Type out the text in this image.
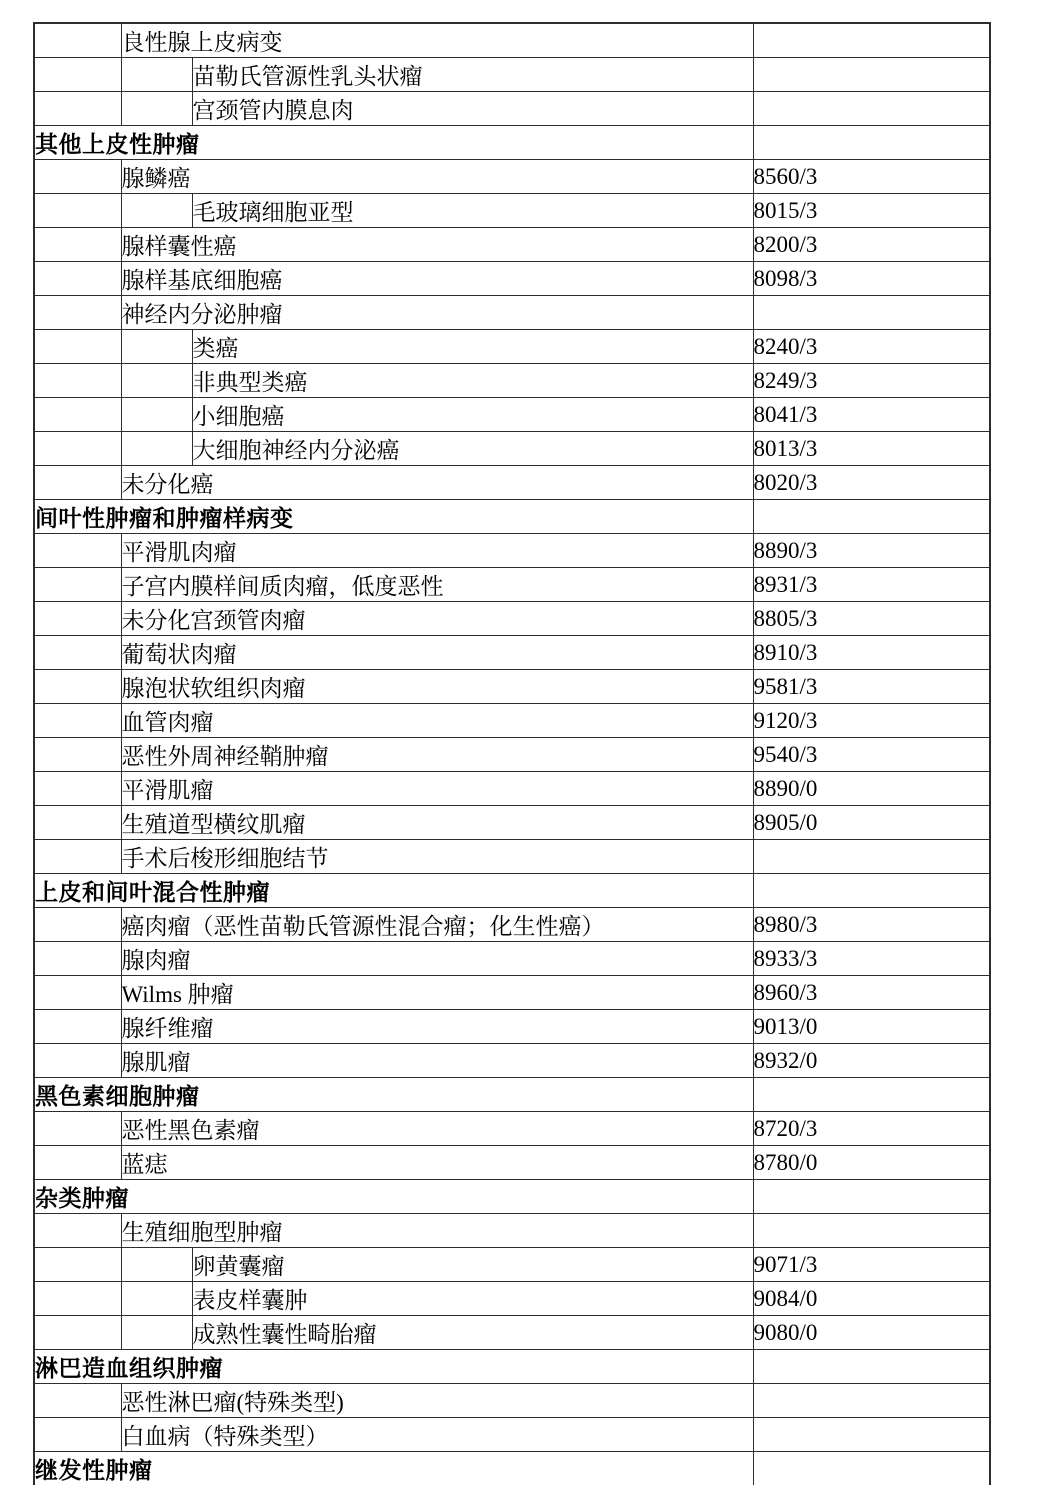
	良性腺上皮病变		
		苗勒氏管源性乳头状瘤	
		宫颈管内膜息肉	
其他上皮性肿瘤			
	腺鳞癌		8560/3
		毛玻璃细胞亚型	8015/3
	腺样囊性癌		8200/3
	腺样基底细胞癌		8098/3
	神经内分泌肿瘤		
		类癌	8240/3
		非典型类癌	8249/3
		小细胞癌	8041/3
		大细胞神经内分泌癌	8013/3
	未分化癌		8020/3
间叶性肿瘤和肿瘤样病变			
	平滑肌肉瘤		8890/3
	子宫内膜样间质肉瘤，低度恶性		8931/3
	未分化宫颈管肉瘤		8805/3
	葡萄状肉瘤		8910/3
	腺泡状软组织肉瘤		9581/3
	血管肉瘤		9120/3
	恶性外周神经鞘肿瘤		9540/3
	平滑肌瘤		8890/0
	生殖道型横纹肌瘤		8905/0
	手术后梭形细胞结节		
上皮和间叶混合性肿瘤			
	癌肉瘤（恶性苗勒氏管源性混合瘤；化生性癌）		8980/3
	腺肉瘤		8933/3
	Wilms 肿瘤		8960/3
	腺纤维瘤		9013/0
	腺肌瘤		8932/0
黑色素细胞肿瘤			
	恶性黑色素瘤		8720/3
	蓝痣		8780/0
杂类肿瘤			
	生殖细胞型肿瘤		
		卵黄囊瘤	9071/3
		表皮样囊肿	9084/0
		成熟性囊性畸胎瘤	9080/0
淋巴造血组织肿瘤			
	恶性淋巴瘤(特殊类型)		
	白血病（特殊类型）		
继发性肿瘤			
